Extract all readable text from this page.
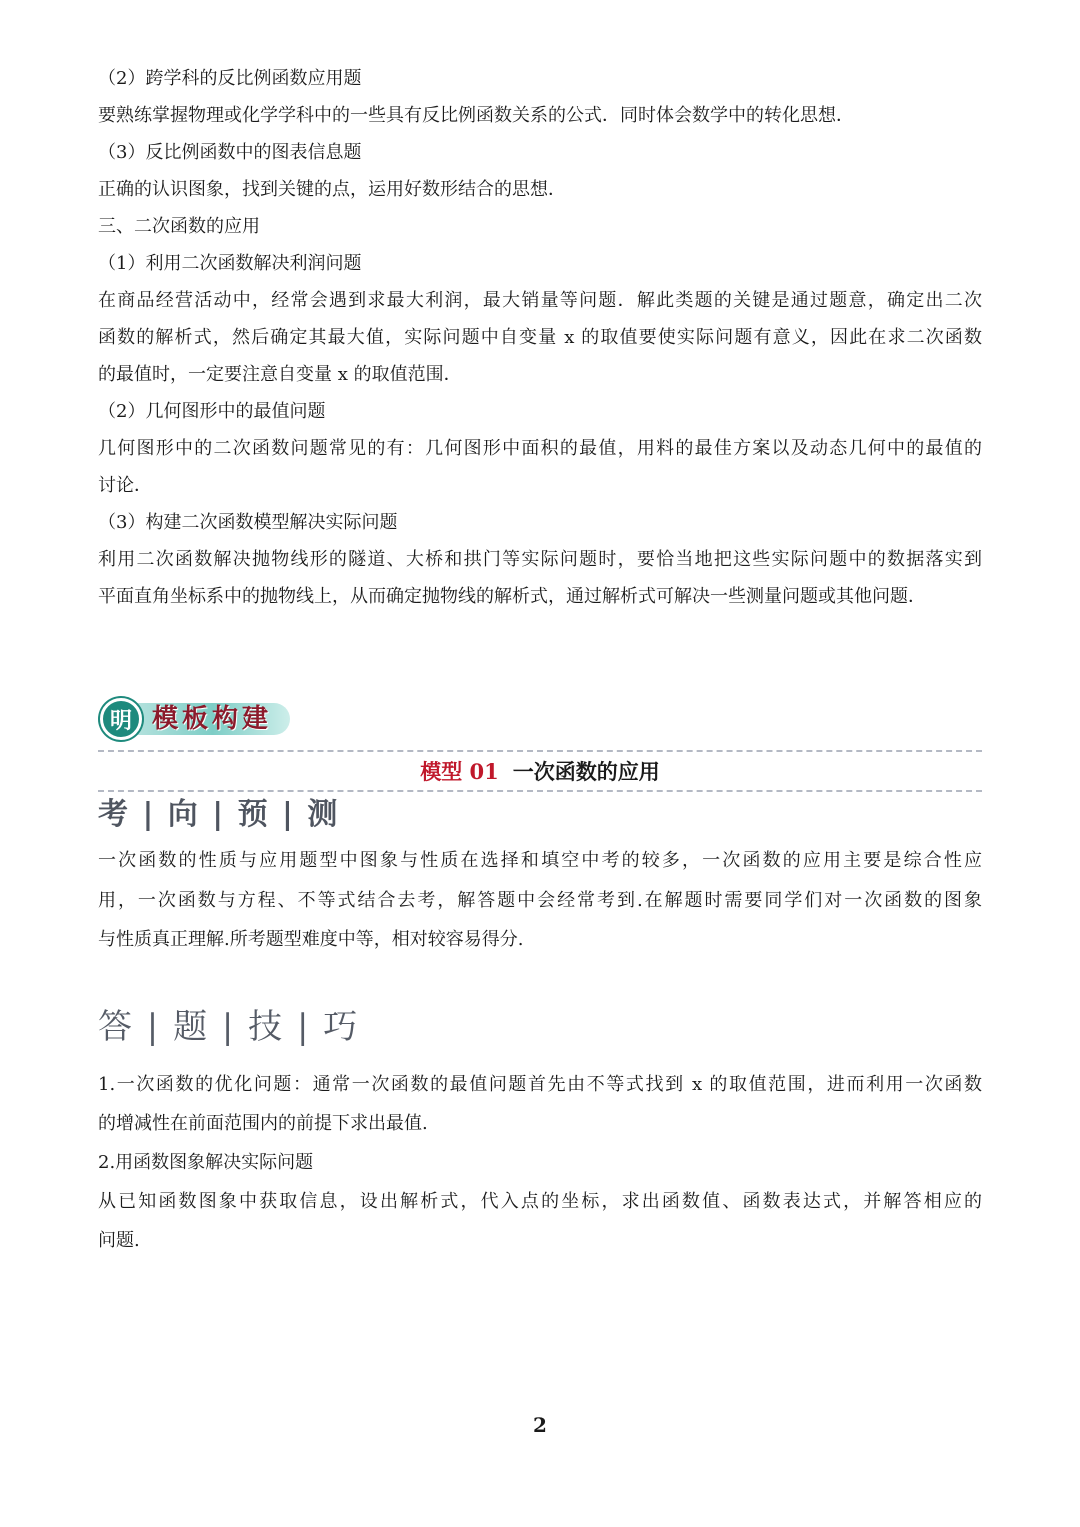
（2）跨学科的反比例函数应用题
要熟练掌握物理或化学学科中的一些具有反比例函数关系的公式．同时体会数学中的转化思想．
（3）反比例函数中的图表信息题
正确的认识图象，找到关键的点，运用好数形结合的思想．
三、二次函数的应用
（1）利用二次函数解决利润问题
在商品经营活动中，经常会遇到求最大利润，最大销量等问题．解此类题的关键是通过题意，确定出二次
函数的解析式，然后确定其最大值，实际问题中自变量 x 的取值要使实际问题有意义，因此在求二次函数
的最值时，一定要注意自变量 x 的取值范围．
（2）几何图形中的最值问题
几何图形中的二次函数问题常见的有：几何图形中面积的最值，用料的最佳方案以及动态几何中的最值的
讨论．
（3）构建二次函数模型解决实际问题
利用二次函数解决抛物线形的隧道、大桥和拱门等实际问题时，要恰当地把这些实际问题中的数据落实到
平面直角坐标系中的抛物线上，从而确定抛物线的解析式，通过解析式可解决一些测量问题或其他问题．
明 模板构建
模型 01 一次函数的应用
考 | 向 | 预 | 测
一次函数的性质与应用题型中图象与性质在选择和填空中考的较多，一次函数的应用主要是综合性应
用，一次函数与方程、不等式结合去考，解答题中会经常考到.在解题时需要同学们对一次函数的图象
与性质真正理解.所考题型难度中等，相对较容易得分.
答 | 题 | 技 | 巧
1.一次函数的优化问题：通常一次函数的最值问题首先由不等式找到 x 的取值范围，进而利用一次函数
的增减性在前面范围内的前提下求出最值.
2.用函数图象解决实际问题
从已知函数图象中获取信息，设出解析式，代入点的坐标，求出函数值、函数表达式，并解答相应的
问题.
2
